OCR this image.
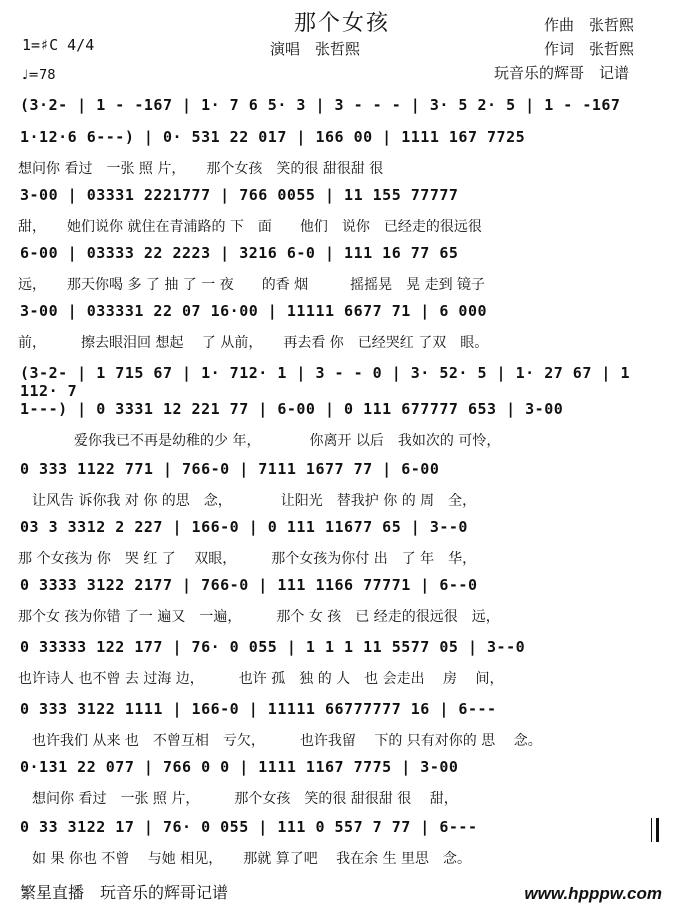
那个女孩
演唱　张哲熙
作曲　张哲熙
作词　张哲熙
玩音乐的辉哥　记谱
1=♯C 4/4
♩=78
(3·2- | 1 - -167 | 1· 7 6 5· 3 | 3 - - - | 3· 5 2· 5 | 1 - -167
1·12·6 6---) | 0· 531 22 017 | 166 00 | 1111 167 7725
想问你 看过　一张 照 片，　　那个女孩　笑的很 甜很甜 很
3-00 | 03331 2221777 | 766 0055 | 11 155 77777
甜，　　她们说你 就住在青浦路的 下　面　　他们　说你　已经走的很远很
6-00 | 03333 22 2223 | 3216 6-0 | 111 16 77 65
远，　　那天你喝 多 了 抽 了 一 夜　　的香 烟　　　摇摇晃　晃 走到 镜子
3-00 | 033331 22 07 16·00 | 11111 6677 71 | 6 000
前，　　　擦去眼泪回 想起　 了 从前，　　再去看 你　已经哭红 了双　眼。
(3-2- | 1 715 67 | 1· 712· 1 | 3 - - 0 | 3· 52· 5 | 1· 27 67 | 1 112· 7
1---) | 0 3331 12 221 77 | 6-00 | 0 111 677777 653 | 3-00
　　　　爱你我已不再是幼稚的少 年，　　　　你离开 以后　我如次的 可怜，
0 333 1122 771 | 766-0 | 7111 1677 77 | 6-00
　让风告 诉你我 对 你 的思　念，　　　　让阳光　替我护 你 的 周　全，
03 3 3312 2 227 | 166-0 | 0 111 11677 65 | 3--0
那 个女孩为 你　哭 红 了　 双眼，　　　那个女孩为你付 出　了 年　华，
0 3333 3122 2177 | 766-0 | 111 1166 77771 | 6--0
那个女 孩为你错 了一 遍又　一遍，　　　那个 女 孩　已 经走的很远很　远，
0 33333 122 177 | 76· 0 055 | 1 1 1 11 5577 05 | 3--0
也许诗人 也不曾 去 过海 边，　　　也许 孤　独 的 人　也 会走出　 房　 间，
0 333 3122 1111 | 166-0 | 11111 66777777 16 | 6---
　也许我们 从来 也　不曾互相　亏欠，　　　也许我留　 下的 只有对你的 思　 念。
0·131 22 077 | 766 0 0 | 1111 1167 7775 | 3-00
　想问你 看过　一张 照 片，　　　那个女孩　笑的很 甜很甜 很　 甜，
0 33 3122 17 | 76· 0 055 | 111 0 557 7 77 | 6---
　如 果 你也 不曾　 与她 相见，　　那就 算了吧　 我在余 生 里思　念。
繁星直播　玩音乐的辉哥记谱	www.hpppw.com
